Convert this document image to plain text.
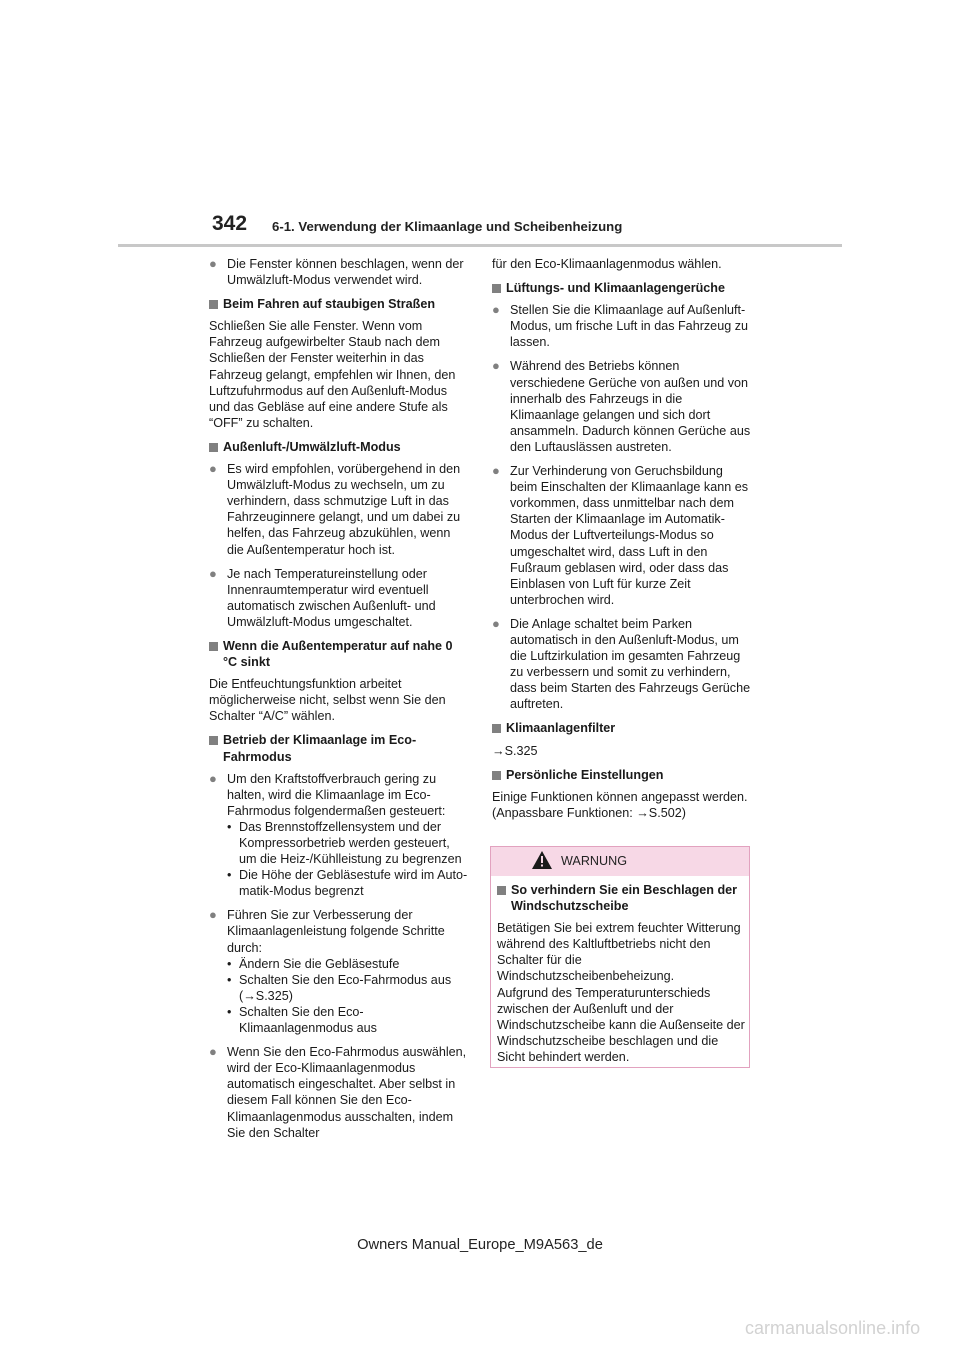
342 6-1. Verwendung der Klimaanlage und Scheibenheizung
● Die Fenster können beschlagen, wenn der Umwälzluft-Modus verwendet wird.
Beim Fahren auf staubigen Straßen
Schließen Sie alle Fenster. Wenn vom Fahrzeug aufgewirbelter Staub nach dem Schließen der Fenster weiterhin in das Fahrzeug gelangt, empfehlen wir Ihnen, den Luftzufuhrmodus auf den Außenluft-Modus und das Gebläse auf eine andere Stufe als “OFF” zu schalten.
Außenluft-/Umwälzluft-Modus
● Es wird empfohlen, vorübergehend in den Umwälzluft-Modus zu wechseln, um zu verhindern, dass schmutzige Luft in das Fahrzeuginnere gelangt, und um dabei zu helfen, das Fahrzeug abzukühlen, wenn die Außentemperatur hoch ist.
● Je nach Temperatureinstellung oder Innenraumtemperatur wird eventuell automatisch zwischen Außenluft- und Umwälzluft-Modus umgeschaltet.
Wenn die Außentemperatur auf nahe 0 °C sinkt
Die Entfeuchtungsfunktion arbeitet möglicherweise nicht, selbst wenn Sie den Schalter “A/C” wählen.
Betrieb der Klimaanlage im Eco-Fahrmodus
● Um den Kraftstoffverbrauch gering zu halten, wird die Klimaanlage im Eco-Fahrmodus folgendermaßen gesteuert:
• Das Brennstoffzellensystem und der Kompressorbetrieb werden gesteuert, um die Heiz-/Kühlleistung zu begrenzen
• Die Höhe der Gebläsestufe wird im Auto-matik-Modus begrenzt
● Führen Sie zur Verbesserung der Klimaanlagenleistung folgende Schritte durch:
• Ändern Sie die Gebläsestufe
• Schalten Sie den Eco-Fahrmodus aus (→S.325)
• Schalten Sie den Eco-Klimaanlagenmodus aus
● Wenn Sie den Eco-Fahrmodus auswählen, wird der Eco-Klimaanlagenmodus automatisch eingeschaltet. Aber selbst in diesem Fall können Sie den Eco-Klimaanlagenmodus ausschalten, indem Sie den Schalter
für den Eco-Klimaanlagenmodus wählen.
Lüftungs- und Klimaanlagengerüche
● Stellen Sie die Klimaanlage auf Außenluft-Modus, um frische Luft in das Fahrzeug zu lassen.
● Während des Betriebs können verschiedene Gerüche von außen und von innerhalb des Fahrzeugs in die Klimaanlage gelangen und sich dort ansammeln. Dadurch können Gerüche aus den Luftauslässen austreten.
● Zur Verhinderung von Geruchsbildung beim Einschalten der Klimaanlage kann es vorkommen, dass unmittelbar nach dem Starten der Klimaanlage im Automatik-Modus der Luftverteilungs-Modus so umgeschaltet wird, dass Luft in den Fußraum geblasen wird, oder dass das Einblasen von Luft für kurze Zeit unterbrochen wird.
● Die Anlage schaltet beim Parken automatisch in den Außenluft-Modus, um die Luftzirkulation im gesamten Fahrzeug zu verbessern und somit zu verhindern, dass beim Starten des Fahrzeugs Gerüche auftreten.
Klimaanlagenfilter
→S.325
Persönliche Einstellungen
Einige Funktionen können angepasst werden.
(Anpassbare Funktionen: →S.502)
WARNUNG
So verhindern Sie ein Beschlagen der Windschutzscheibe
Betätigen Sie bei extrem feuchter Witterung während des Kaltluftbetriebs nicht den Schalter für die Windschutzscheibenbeheizung.
Aufgrund des Temperaturunterschieds zwischen der Außenluft und der Windschutzscheibe kann die Außenseite der Windschutzscheibe beschlagen und die Sicht behindert werden.
Owners Manual_Europe_M9A563_de
carmanualsonline.info
